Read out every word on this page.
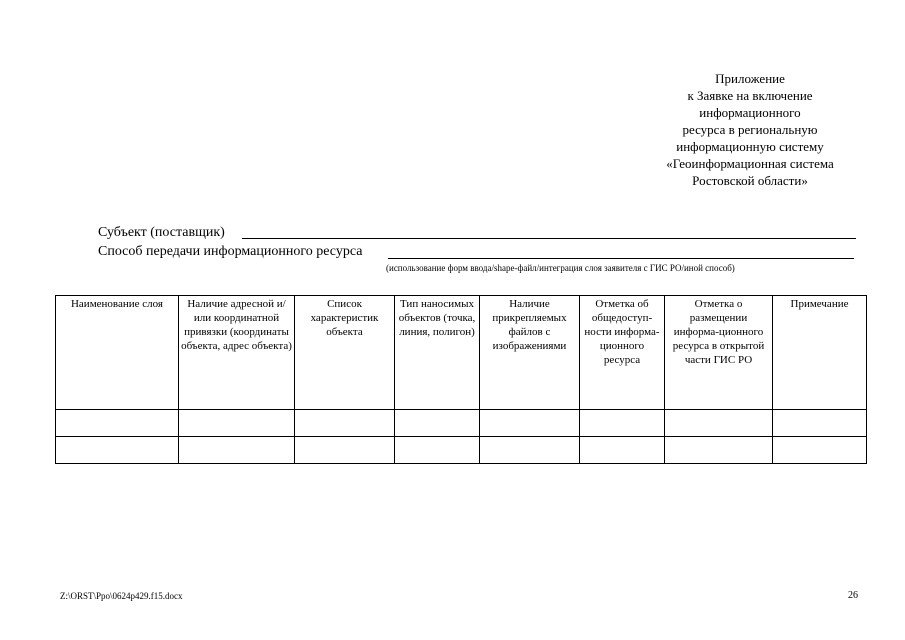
Приложение
к Заявке на включение
информационного
ресурса в региональную
информационную систему
«Геоинформационная система
Ростовской области»
Субъект (поставщик)
Способ передачи информационного ресурса
(использование форм ввода/shape-файл/интеграция слоя заявителя с ГИС РО/иной способ)
Наименование слоя	Наличие адресной и/или координатной привязки (координаты объекта, адрес объекта)	Список характеристик объекта	Тип наносимых объектов (точка, линия, полигон)	Наличие прикрепляемых файлов с изображениями	Отметка об общедоступ-ности информа-ционного ресурса	Отметка о размещении информа-ционного ресурса в открытой части ГИС РО	Примечание

Z:\ORST\Ppo\0624p429.f15.docx	26
